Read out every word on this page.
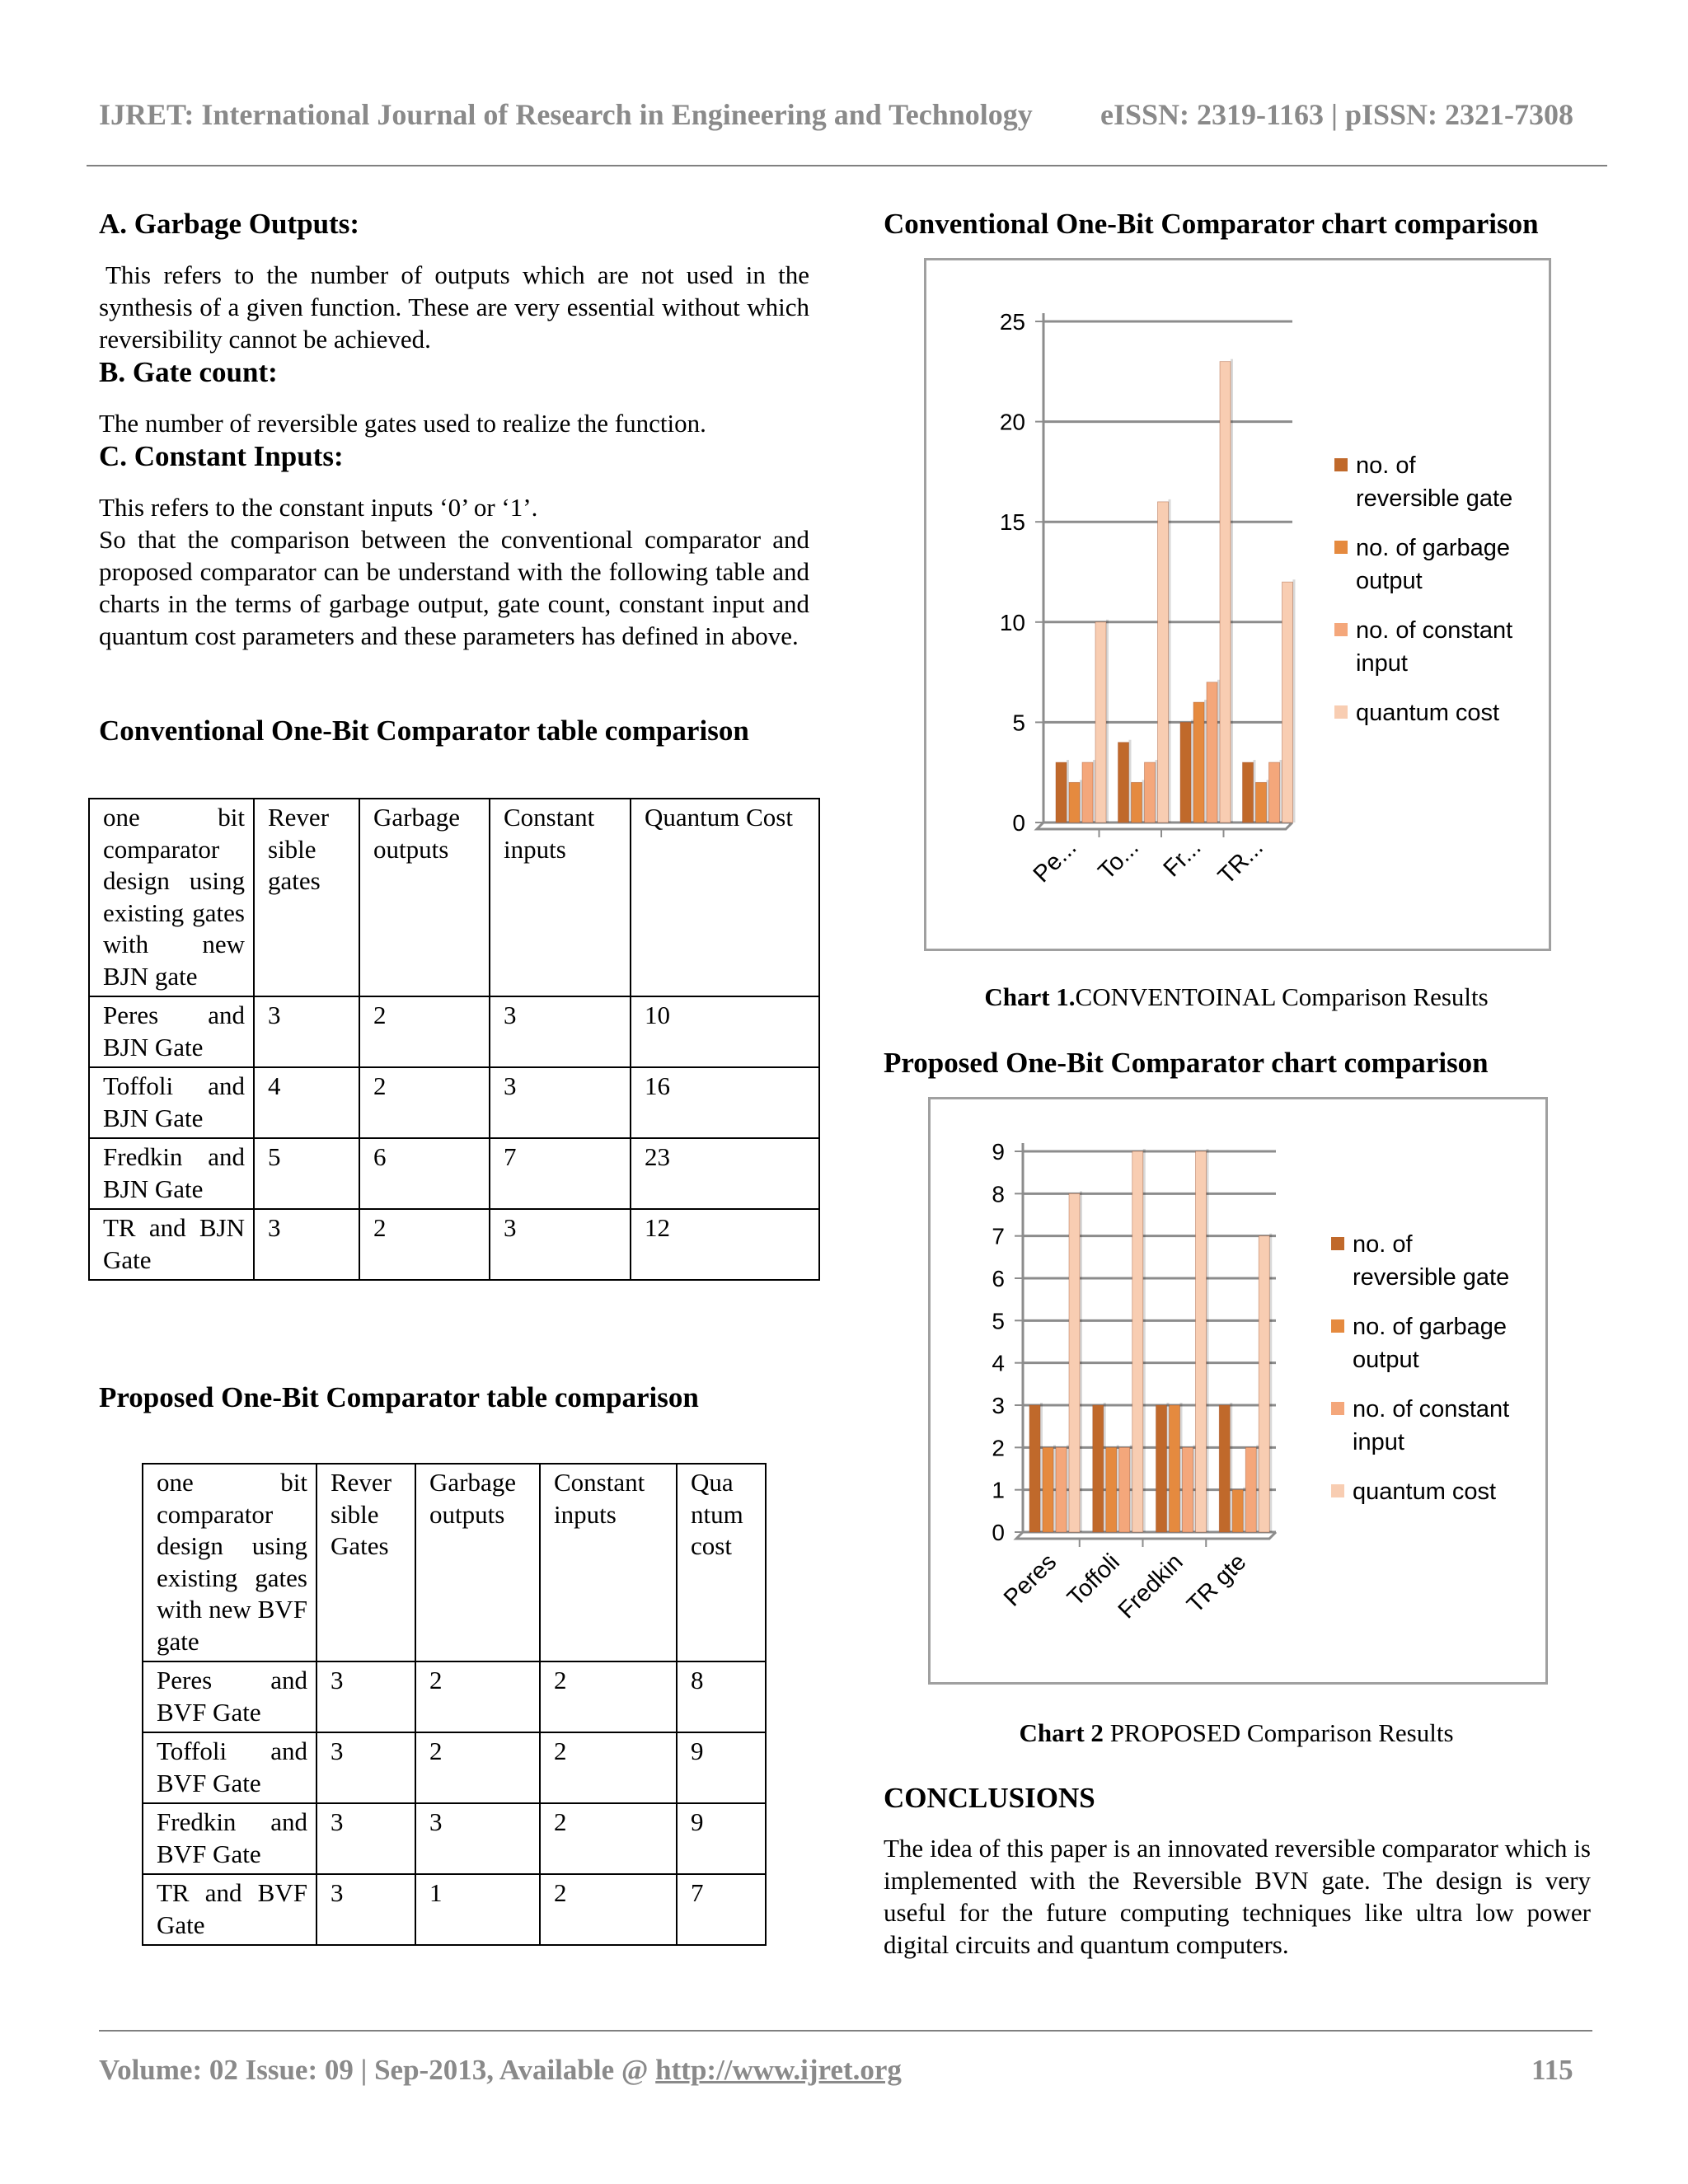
IJRET: International Journal of Research in Engineering and Technology eISSN: 2319-1163 | pISSN: 2321-7308
A. Garbage Outputs:

This refers to the number of outputs which are not used in the synthesis of a given function. These are very essential without which reversibility cannot be achieved.

B. Gate count:

The number of reversible gates used to realize the function.

C. Constant Inputs:

This refers to the constant inputs ‘0’ or ‘1’.

So that the comparison between the conventional comparator and proposed comparator can be understand with the following table and charts in the terms of garbage output, gate count, constant input and quantum cost parameters and these parameters has defined in above.

Conventional One-Bit Comparator table comparison
one bit comparator design using existing gates with new BJN gate	Rever sible gates	Garbage outputs	Constant inputs	Quantum Cost
Peres and BJN Gate	3	2	3	10
Toffoli and BJN Gate	4	2	3	16
Fredkin and BJN Gate	5	6	7	23
TR and BJN Gate	3	2	3	12
Proposed One-Bit Comparator table comparison
one bit comparator design using existing gates with new BVF gate	Rever sible Gates	Garbage outputs	Constant inputs	Qua ntum cost
Peres and BVF Gate	3	2	2	8
Toffoli and BVF Gate	3	2	2	9
Fredkin and BVF Gate	3	3	2	9
TR and BVF Gate	3	1	2	7
Conventional One-Bit Comparator chart comparison
0
5
10
15
20
25
Pe... To... Fr... TR...
no. of reversible gate
no. of garbage output
no. of constant input
quantum cost
Chart 1.CONVENTOINAL Comparison Results
Proposed One-Bit Comparator chart comparison
0
1
2
3
4
5
6
7
8
9
Peres Toffoli
Fredkin
TR gte
no. of reversible gate
no. of garbage output
no. of constant input
quantum cost
Chart 2 PROPOSED Comparison Results
CONCLUSIONS

The idea of this paper is an innovated reversible comparator which is implemented with the Reversible BVN gate. The design is very useful for the future computing techniques like ultra low power digital circuits and quantum computers.

Volume: 02 Issue: 09 | Sep-2013, Available @ http://www.ijret.org	115
